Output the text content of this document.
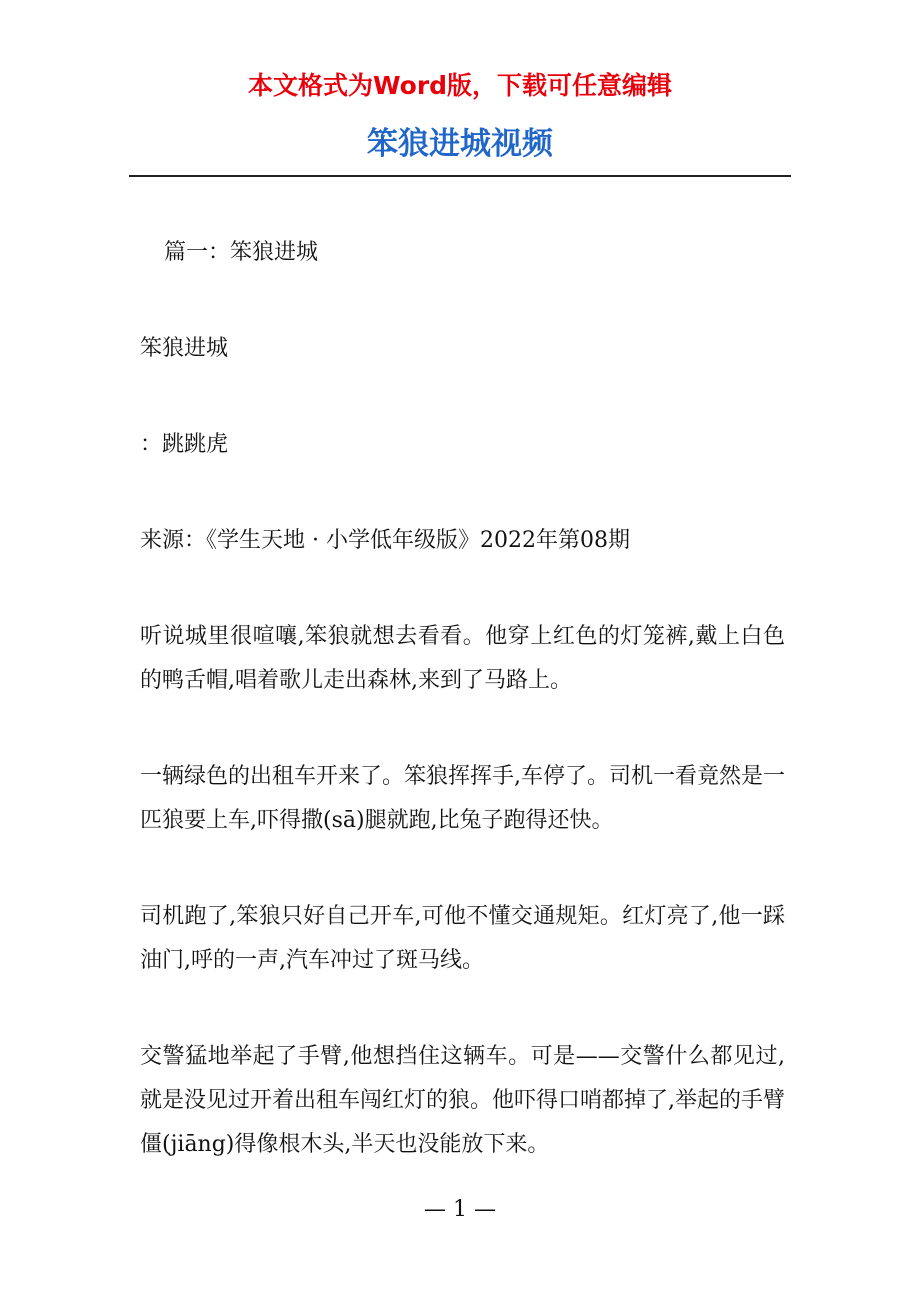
本文格式为Word版，下载可任意编辑
笨狼进城视频

篇一：笨狼进城

笨狼进城

：跳跳虎

来源：《学生天地 · 小学低年级版》2022年第08期

听说城里很喧嚷,笨狼就想去看看。他穿上红色的灯笼裤,戴上白色的鸭舌帽,唱着歌儿走出森林,来到了马路上。

一辆绿色的出租车开来了。笨狼挥挥手,车停了。司机一看竟然是一匹狼要上车,吓得撒(sā)腿就跑,比兔子跑得还快。

司机跑了,笨狼只好自己开车,可他不懂交通规矩。红灯亮了,他一踩油门,呼的一声,汽车冲过了斑马线。

交警猛地举起了手臂,他想挡住这辆车。可是——交警什么都见过,就是没见过开着出租车闯红灯的狼。他吓得口哨都掉了,举起的手臂僵(jiāng)得像根木头,半天也没能放下来。

— 1 —
